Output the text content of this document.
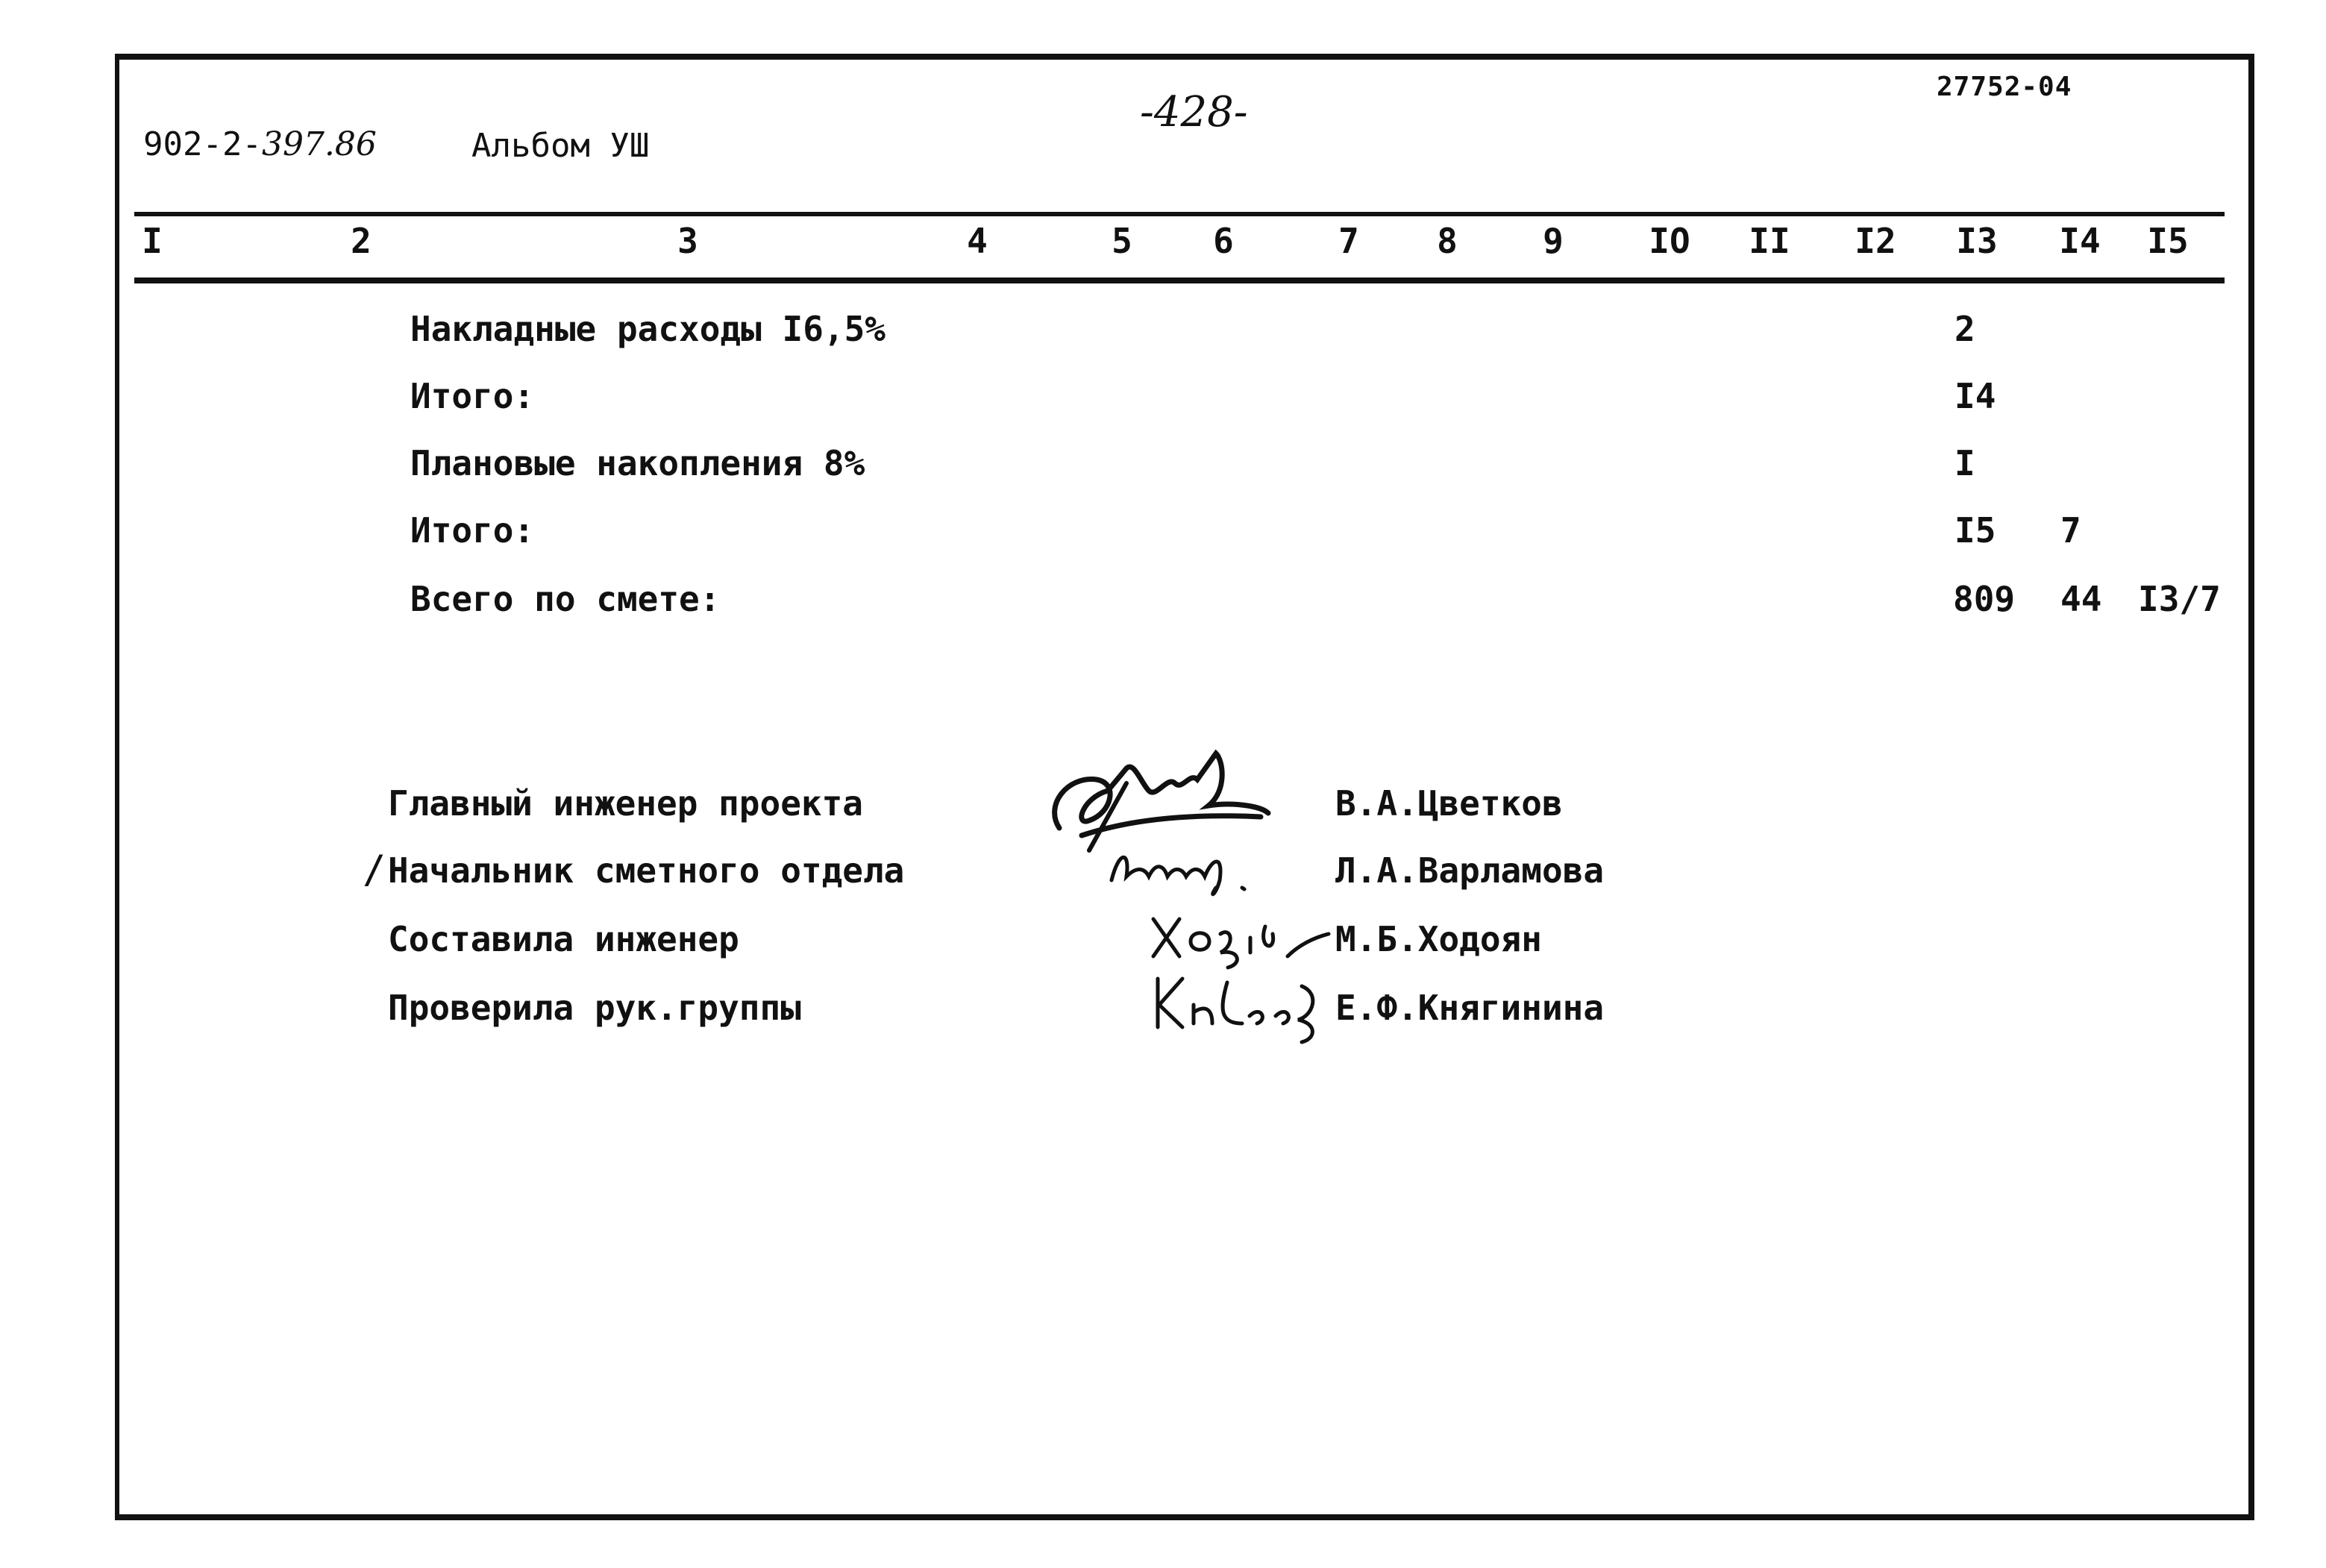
902-2-397.86	Альбом УШ
-428-
27752-04
I	2	3	4	5 6	7 8 9 IO II I2 I3 I4 I5
Накладные расходы I6,5%	2
Итого:	I4
Плановые накопления 8%	I
Итого:	I5 7
Всего по смете:	809 44 I3/7
/
Главный инженер проекта
Начальник сметного отдела
Составила инженер
Проверила рук.группы
В.А.Цветков
Л.А.Варламова
М.Б.Ходоян
Е.Ф.Княгинина
